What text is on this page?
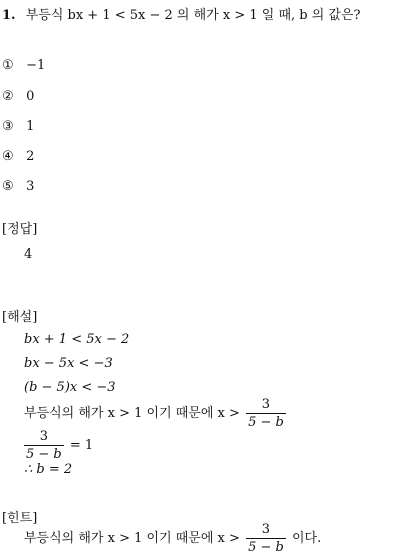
1. 부등식 bx + 1 < 5x − 2 의 해가 x > 1 일 때, b 의 값은?
① −1
② 0
③ 1
④ 2
⑤ 3
[정답]
4
[해설]
bx + 1 < 5x − 2
bx − 5x < −3
(b − 5)x < −3
부등식의 해가 x > 1 이기 때문에 $x > \frac{3}{5 - b}$
$\frac{3}{5 - b} = 1$
∴ b = 2
[힌트]
부등식의 해가 x > 1 이기 때문에 $x > \frac{3}{5 - b}$ 이다.
